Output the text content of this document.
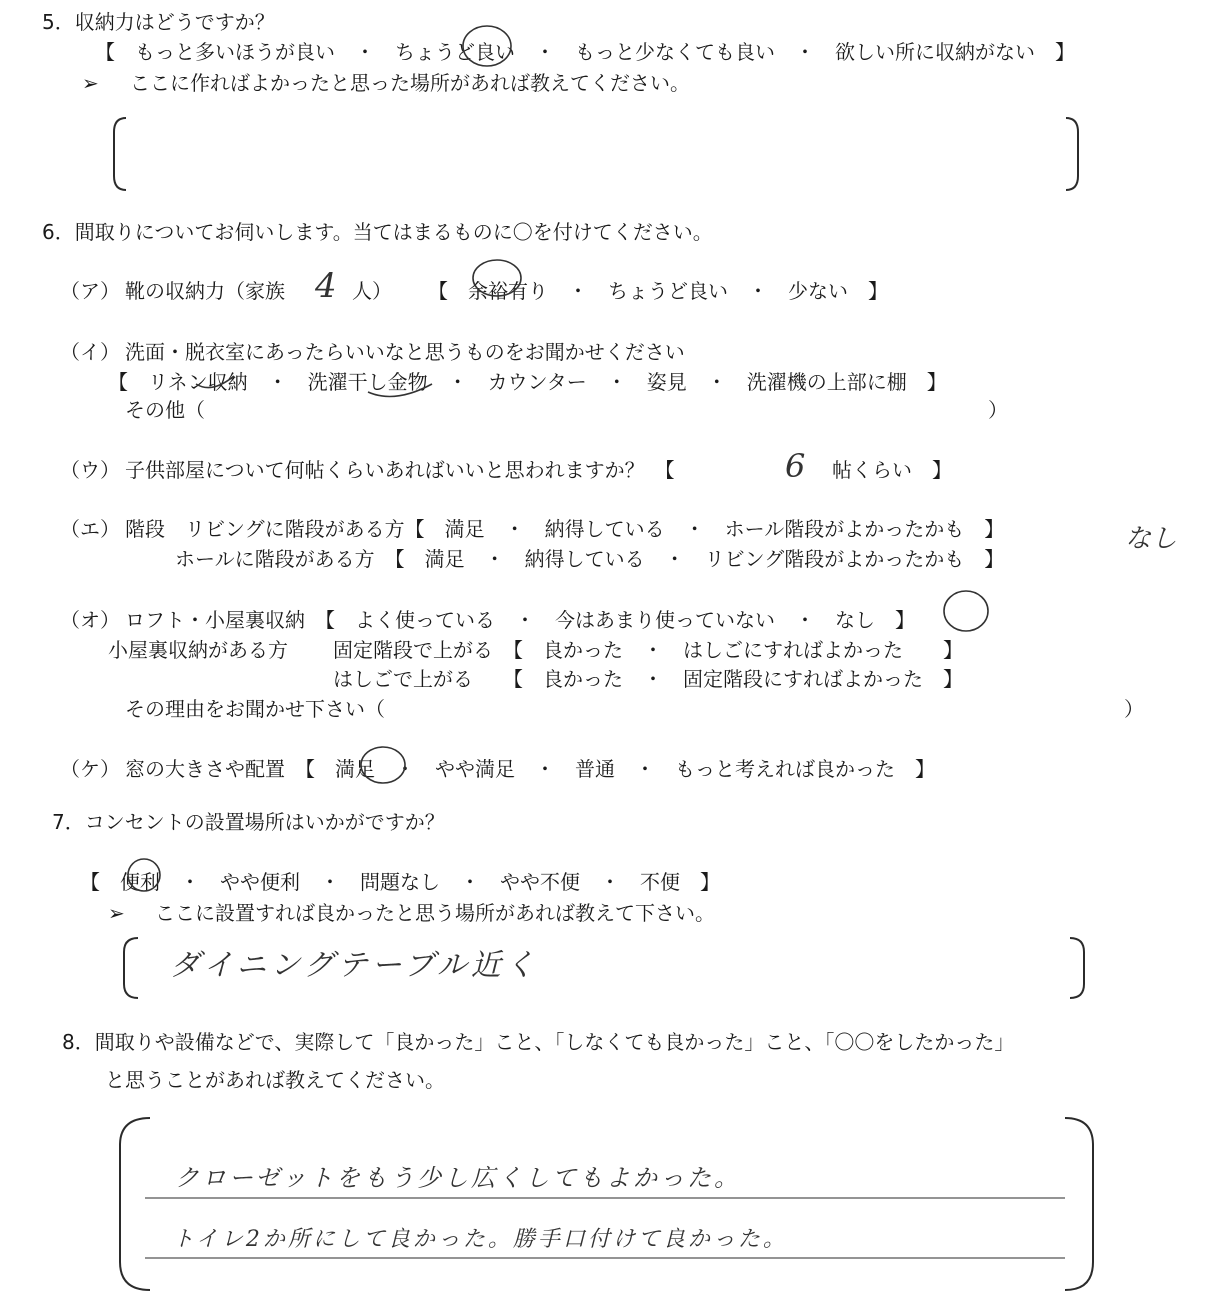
5．収納力はどうですか？
【　もっと多いほうが良い　・　ちょうど良い　・　もっと少なくても良い　・　欲しい所に収納がない　】
➢ ここに作ればよかったと思った場所があれば教えてください。
6．間取りについてお伺いします。当てはまるものに〇を付けてください。
（ア） 靴の収納力（家族 4 人） 【　余裕有り　・　ちょうど良い　・　少ない　】
（イ） 洗面・脱衣室にあったらいいなと思うものをお聞かせください
【　リネン収納　・　洗濯干し金物　・　カウンター　・　姿見　・　洗濯機の上部に棚　】
その他（	）
（ウ） 子供部屋について何帖くらいあればいいと思われますか？　【	6 帖くらい　】
（エ） 階段　リビングに階段がある方【　満足　・　納得している　・　ホール階段がよかったかも　】
ホールに階段がある方　【　満足　・　納得している　・　リビング階段がよかったかも　】
なし
（オ） ロフト・小屋裏収納　【　よく使っている　・　今はあまり使っていない　・　なし　】
小屋裏収納がある方 固定階段で上がる　【　良かった　・　はしごにすればよかった　　】
はしごで上がる　　【　良かった　・　固定階段にすればよかった　】
その理由をお聞かせ下さい（	）
（ケ） 窓の大きさや配置　【　満足　・　やや満足　・　普通　・　もっと考えれば良かった　】
7．コンセントの設置場所はいかがですか？
【　便利　・　やや便利　・　問題なし　・　やや不便　・　不便　】
➢ ここに設置すれば良かったと思う場所があれば教えて下さい。
ダイニングテーブル近く
8．間取りや設備などで、実際して「良かった」こと、「しなくても良かった」こと、「〇〇をしたかった」
と思うことがあれば教えてください。
クローゼットをもう少し広くしてもよかった。
トイレ2か所にして良かった。勝手口付けて良かった。
